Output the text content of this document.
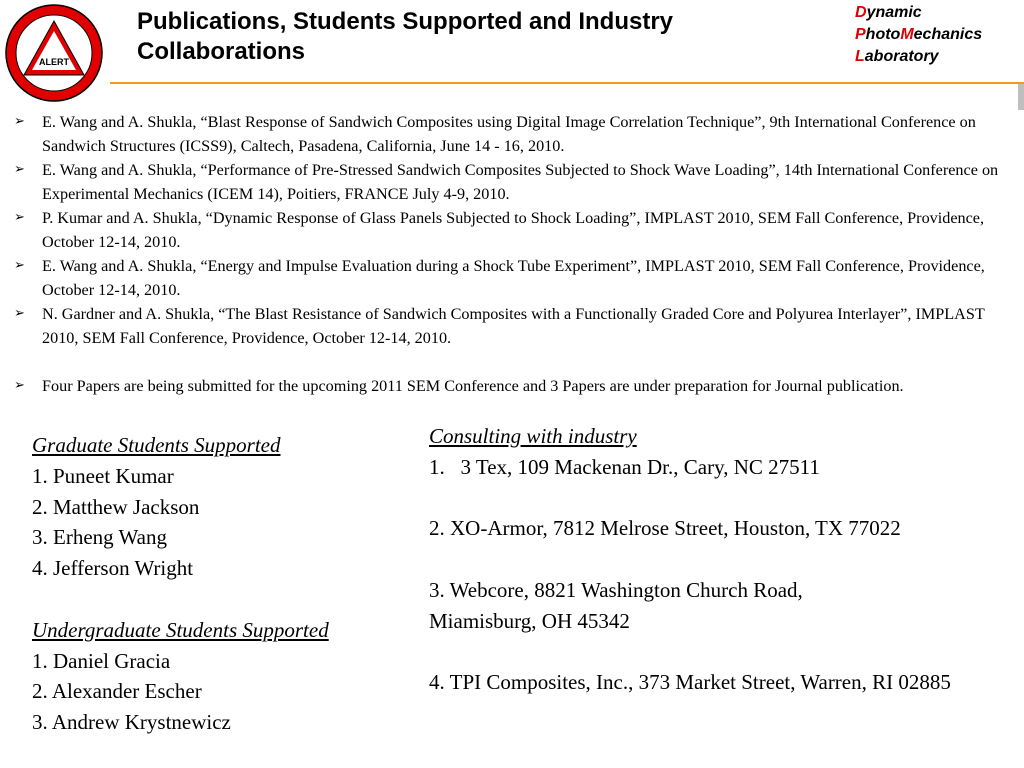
ALERT
Publications, Students Supported and Industry Collaborations
Dynamic
PhotoMechanics
Laboratory
➢ E. Wang and A. Shukla, “Blast Response of Sandwich Composites using Digital Image Correlation Technique”, 9th International Conference on Sandwich Structures (ICSS9), Caltech, Pasadena, California, June 14 - 16, 2010.
➢ E. Wang and A. Shukla, “Performance of Pre-Stressed Sandwich Composites Subjected to Shock Wave Loading”, 14th International Conference on Experimental Mechanics (ICEM 14), Poitiers, FRANCE July 4-9, 2010.
➢ P. Kumar and A. Shukla, “Dynamic Response of Glass Panels Subjected to Shock Loading”, IMPLAST 2010, SEM Fall Conference, Providence, October 12-14, 2010.
➢ E. Wang and A. Shukla, “Energy and Impulse Evaluation during a Shock Tube Experiment”, IMPLAST 2010, SEM Fall Conference, Providence, October 12-14, 2010.
➢ N. Gardner and A. Shukla, “The Blast Resistance of Sandwich Composites with a Functionally Graded Core and Polyurea Interlayer”, IMPLAST 2010, SEM Fall Conference, Providence, October 12-14, 2010.
➢ Four Papers are being submitted for the upcoming 2011 SEM Conference and 3 Papers are under preparation for Journal publication.
Graduate Students Supported
1. Puneet Kumar
2. Matthew Jackson
3. Erheng Wang
4. Jefferson Wright
Undergraduate Students Supported
1. Daniel Gracia
2. Alexander Escher
3. Andrew Krystnewicz
Consulting with industry
1.   3 Tex, 109 Mackenan Dr., Cary, NC 27511
2. XO-Armor, 7812 Melrose Street, Houston, TX 77022
3. Webcore, 8821 Washington Church Road, Miamisburg, OH 45342
4. TPI Composites, Inc., 373 Market Street, Warren, RI 02885
